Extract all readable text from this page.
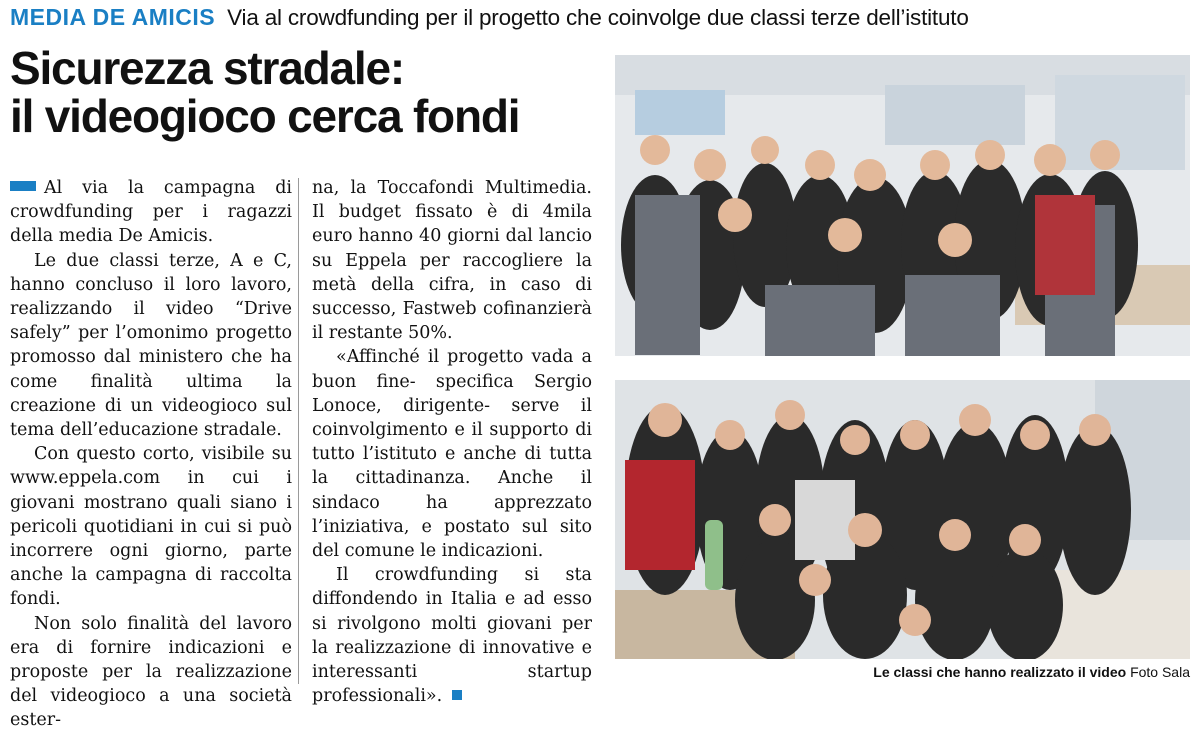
MEDIA DE AMICIS Via al crowdfunding per il progetto che coinvolge due classi terze dell’istituto
Sicurezza stradale:
il videogioco cerca fondi

Al via la campagna di crowdfunding per i ragazzi della media De Amicis.

Le due classi terze, A e C, hanno concluso il loro lavoro, realizzando il video “Drive safely” per l’omonimo progetto promosso dal ministero che ha come finalità ultima la creazione di un videogioco sul tema dell’educazione stradale.

Con questo corto, visibile su www.eppela.com in cui i giovani mostrano quali siano i pericoli quotidiani in cui si può incorrere ogni giorno, parte anche la campagna di raccolta fondi.

Non solo finalità del lavoro era di fornire indicazioni e proposte per la realizzazione del videogioco a una società ester-

na, la Toccafondi Multimedia. Il budget fissato è di 4mila euro hanno 40 giorni dal lancio su Eppela per raccogliere la metà della cifra, in caso di successo, Fastweb cofinanzierà il restante 50%.

«Affinché il progetto vada a buon fine- specifica Sergio Lonoce, dirigente- serve il coinvolgimento e il supporto di tutto l’istituto e anche di tutta la cittadinanza. Anche il sindaco ha apprezzato l’iniziativa, e postato sul sito del comune le indicazioni.

Il crowdfunding si sta diffondendo in Italia e ad esso si rivolgono molti giovani per la realizzazione di innovative e interessanti startup professionali».

Le classi che hanno realizzato il video Foto Sala
